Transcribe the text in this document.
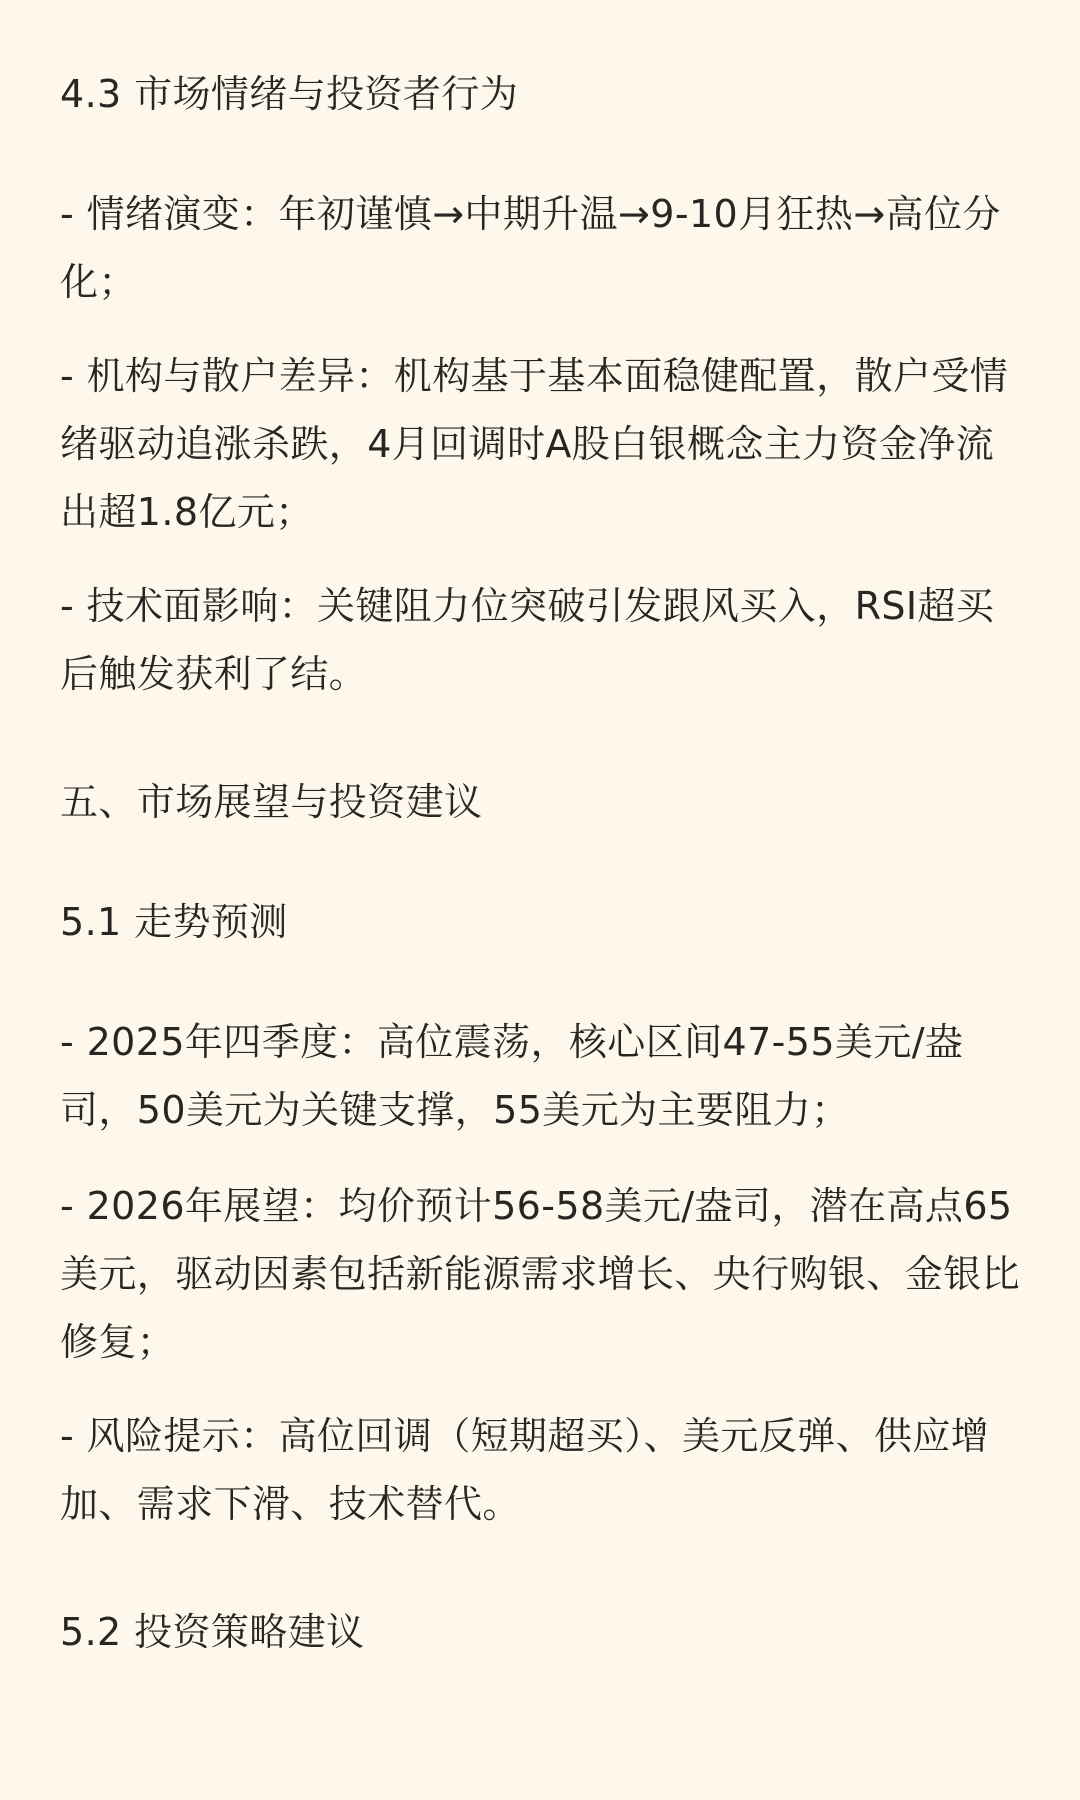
4.3 市场情绪与投资者行为

- 情绪演变：年初谨慎→中期升温→9-10月狂热→高位分化；

- 机构与散户差异：机构基于基本面稳健配置，散户受情绪驱动追涨杀跌，4月回调时A股白银概念主力资金净流出超1.8亿元；

- 技术面影响：关键阻力位突破引发跟风买入，RSI超买后触发获利了结。

五、市场展望与投资建议
5.1 走势预测

- 2025年四季度：高位震荡，核心区间47-55美元/盎司，50美元为关键支撑，55美元为主要阻力；

- 2026年展望：均价预计56-58美元/盎司，潜在高点65美元，驱动因素包括新能源需求增长、央行购银、金银比修复；

- 风险提示：高位回调（短期超买）、美元反弹、供应增加、需求下滑、技术替代。

5.2 投资策略建议
